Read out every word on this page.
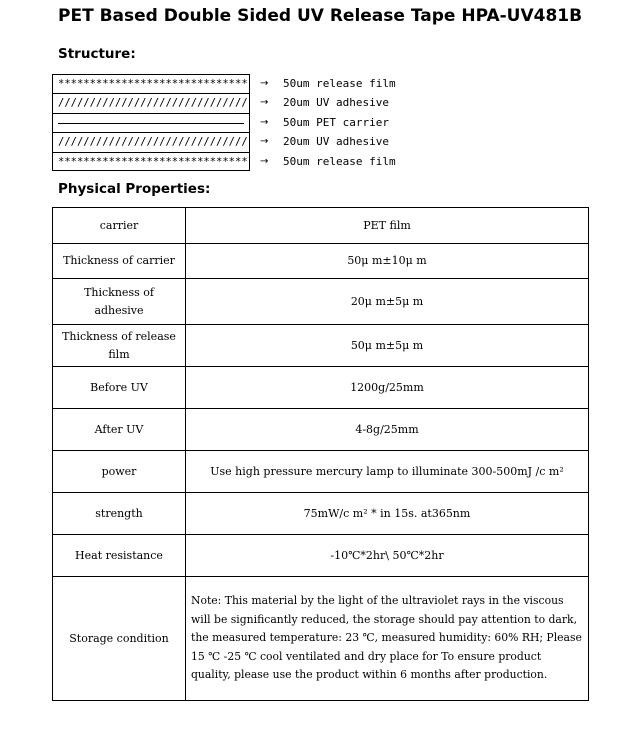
PET Based Double Sided UV Release Tape HPA-UV481B
Structure:
****************************** → 50um release film
////////////////////////////// → 20um UV adhesive
→ 50um PET carrier
////////////////////////////// → 20um UV adhesive
****************************** → 50um release film
Physical Properties:
carrier	PET film
Thickness of carrier	50μ m±10μ m
Thickness of adhesive	20μ m±5μ m
Thickness of release film	50μ m±5μ m
Before UV	1200g/25mm
After UV	4-8g/25mm
power	Use high pressure mercury lamp to illuminate 300-500mJ /c m²
strength	75mW/c m² * in 15s. at365nm
Heat resistance	-10℃*2hr\ 50℃*2hr
Storage condition	Note: This material by the light of the ultraviolet rays in the viscous will be significantly reduced, the storage should pay attention to dark, the measured temperature: 23 ℃, measured humidity: 60% RH; Please 15 ℃ -25 ℃ cool ventilated and dry place for To ensure product quality, please use the product within 6 months after production.
